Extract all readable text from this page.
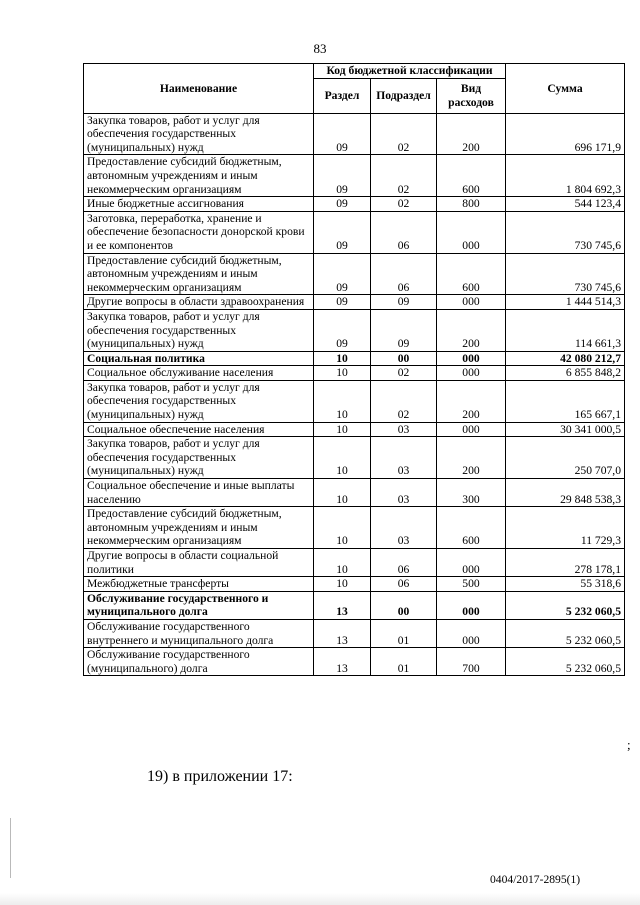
83
Наименование	Код бюджетной классификации			Сумма
	Раздел	Подраздел	Вид расходов	
Закупка товаров, работ и услуг для обеспечения государственных (муниципальных) нужд	09	02	200	696 171,9
Предоставление субсидий бюджетным, автономным учреждениям и иным некоммерческим организациям	09	02	600	1 804 692,3
Иные бюджетные ассигнования	09	02	800	544 123,4
Заготовка, переработка, хранение и обеспечение безопасности донорской крови и ее компонентов	09	06	000	730 745,6
Предоставление субсидий бюджетным, автономным учреждениям и иным некоммерческим организациям	09	06	600	730 745,6
Другие вопросы в области здравоохранения	09	09	000	1 444 514,3
Закупка товаров, работ и услуг для обеспечения государственных (муниципальных) нужд	09	09	200	114 661,3
Социальная политика	10	00	000	42 080 212,7
Социальное обслуживание населения	10	02	000	6 855 848,2
Закупка товаров, работ и услуг для обеспечения государственных (муниципальных) нужд	10	02	200	165 667,1
Социальное обеспечение населения	10	03	000	30 341 000,5
Закупка товаров, работ и услуг для обеспечения государственных (муниципальных) нужд	10	03	200	250 707,0
Социальное обеспечение и иные выплаты населению	10	03	300	29 848 538,3
Предоставление субсидий бюджетным, автономным учреждениям и иным некоммерческим организациям	10	03	600	11 729,3
Другие вопросы в области социальной политики	10	06	000	278 178,1
Межбюджетные трансферты	10	06	500	55 318,6
Обслуживание государственного и муниципального долга	13	00	000	5 232 060,5
Обслуживание государственного внутреннего и муниципального долга	13	01	000	5 232 060,5
Обслуживание государственного (муниципального) долга	13	01	700	5 232 060,5
;
19) в приложении 17:
0404/2017-2895(1)
